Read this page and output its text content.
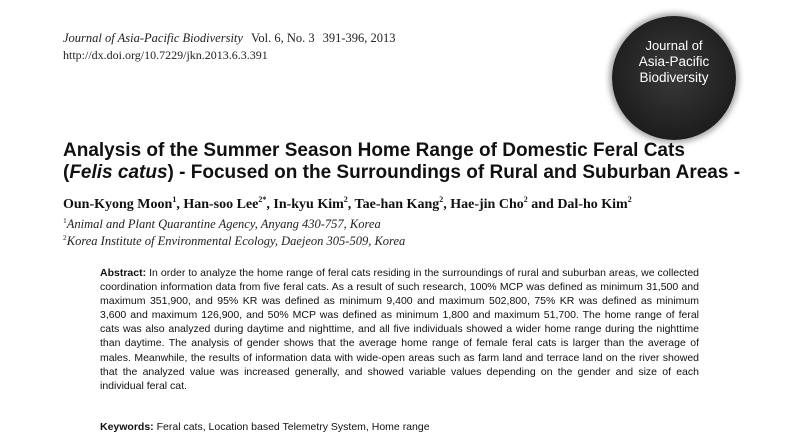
Journal of Asia-Pacific Biodiversity Vol. 6, No. 3 391-396, 2013
http://dx.doi.org/10.7229/jkn.2013.6.3.391
Journal of
Asia-Pacific
Biodiversity
Analysis of the Summer Season Home Range of Domestic Feral Cats
(Felis catus) - Focused on the Surroundings of Rural and Suburban Areas -
Oun-Kyong Moon$^1$, Han-soo Lee$^{2*}$, In-kyu Kim$^2$, Tae-han Kang$^2$, Hae-jin Cho$^2$ and Dal-ho Kim$^2$
$^1$Animal and Plant Quarantine Agency, Anyang 430-757, Korea
$^2$Korea Institute of Environmental Ecology, Daejeon 305-509, Korea
Abstract: In order to analyze the home range of feral cats residing in the surroundings of rural and suburban areas, we collected coordination information data from five feral cats. As a result of such research, 100% MCP was defined as minimum 31,500 and maximum 351,900, and 95% KR was defined as minimum 9,400 and maximum 502,800, 75% KR was defined as minimum 3,600 and maximum 126,900, and 50% MCP was defined as minimum 1,800 and maximum 51,700. The home range of feral cats was also analyzed during daytime and nighttime, and all five individuals showed a wider home range during the nighttime than daytime. The analysis of gender shows that the average home range of female feral cats is larger than the average of males. Meanwhile, the results of information data with wide-open areas such as farm land and terrace land on the river showed that the analyzed value was increased generally, and showed variable values depending on the gender and size of each individual feral cat.
Keywords: Feral cats, Location based Telemetry System, Home range
